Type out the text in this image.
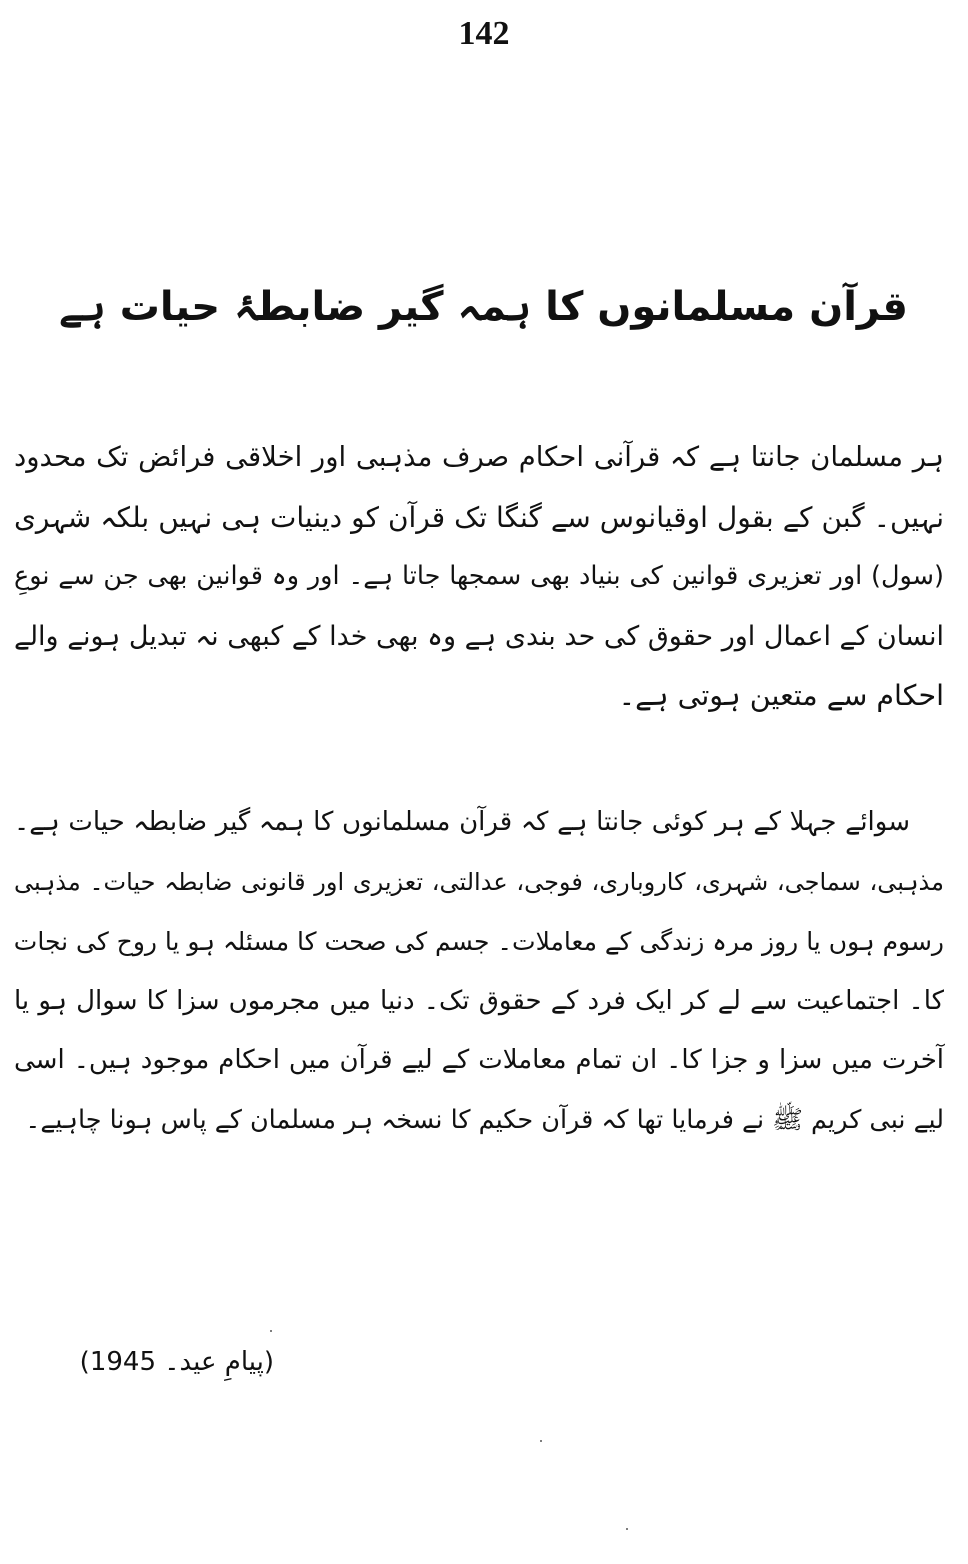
142
قرآن مسلمانوں کا ہمہ گیر ضابطۂ حیات ہے
ہر مسلمان جانتا ہے کہ قرآنی احکام صرف مذہبی اور اخلاقی فرائض تک محدود
نہیں۔ گبن کے بقول اوقیانوس سے گنگا تک قرآن کو دینیات ہی نہیں بلکہ شہری
(سول) اور تعزیری قوانین کی بنیاد بھی سمجھا جاتا ہے۔ اور وہ قوانین بھی جن سے نوعِ
انسان کے اعمال اور حقوق کی حد بندی ہے وہ بھی خدا کے کبھی نہ تبدیل ہونے والے
احکام سے متعین ہوتی ہے۔
سوائے جہلا کے ہر کوئی جانتا ہے کہ قرآن مسلمانوں کا ہمہ گیر ضابطہ حیات ہے۔
مذہبی، سماجی، شہری، کاروباری، فوجی، عدالتی، تعزیری اور قانونی ضابطہ حیات۔ مذہبی
رسوم ہوں یا روز مرہ زندگی کے معاملات۔ جسم کی صحت کا مسئلہ ہو یا روح کی نجات
کا۔ اجتماعیت سے لے کر ایک فرد کے حقوق تک۔ دنیا میں مجرموں سزا کا سوال ہو یا
آخرت میں سزا و جزا کا۔ ان تمام معاملات کے لیے قرآن میں احکام موجود ہیں۔ اسی
لیے نبی کریم ﷺ نے فرمایا تھا کہ قرآن حکیم کا نسخہ ہر مسلمان کے پاس ہونا چاہیے۔
(پیامِ عید۔ 1945)
